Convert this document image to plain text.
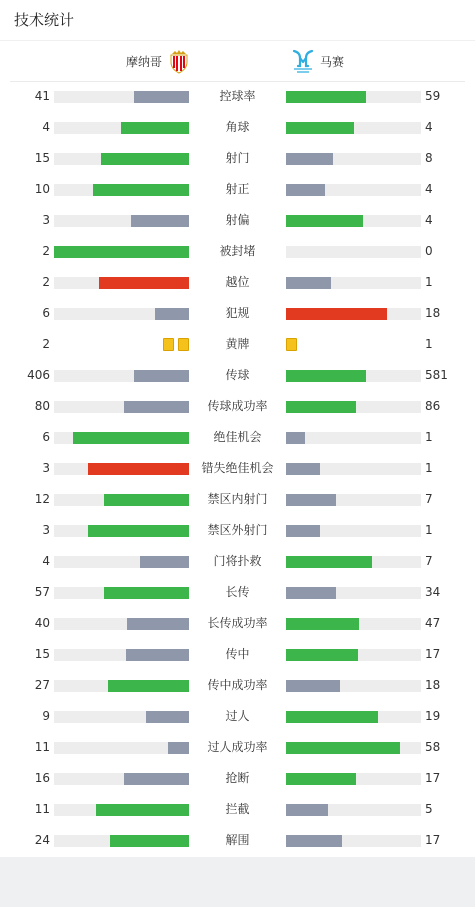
技术统计
摩纳哥	马赛
41	控球率	59
4	角球	4
15	射门	8
10	射正	4
3	射偏	4
2	被封堵	0
2	越位	1
6	犯规	18
2	黄牌	1
406	传球	581
80	传球成功率	86
6	绝佳机会	1
3	错失绝佳机会	1
12	禁区内射门	7
3	禁区外射门	1
4	门将扑救	7
57	长传	34
40	长传成功率	47
15	传中	17
27	传中成功率	18
9	过人	19
11	过人成功率	58
16	抢断	17
11	拦截	5
24	解围	17
